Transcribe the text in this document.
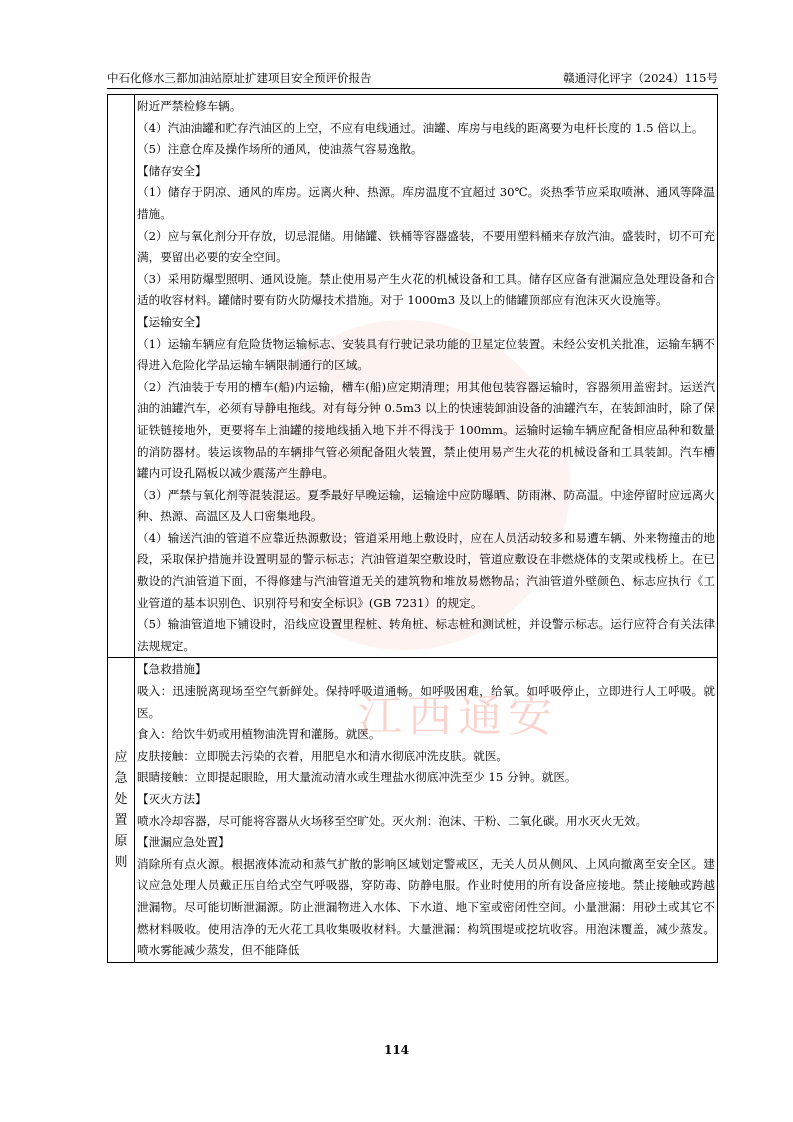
江西通安
中石化修水三都加油站原址扩建项目安全预评价报告	赣通浔化评字（2024）115号

附近严禁检修车辆。

（4）汽油油罐和贮存汽油区的上空，不应有电线通过。油罐、库房与电线的距离要为电杆长度的 1.5 倍以上。

（5）注意仓库及操作场所的通风，使油蒸气容易逸散。

【储存安全】

（1）储存于阴凉、通风的库房。远离火种、热源。库房温度不宜超过 30℃。炎热季节应采取喷淋、通风等降温措施。

（2）应与氧化剂分开存放，切忌混储。用储罐、铁桶等容器盛装，不要用塑料桶来存放汽油。盛装时，切不可充满，要留出必要的安全空间。

（3）采用防爆型照明、通风设施。禁止使用易产生火花的机械设备和工具。储存区应备有泄漏应急处理设备和合适的收容材料。罐储时要有防火防爆技术措施。对于 1000m3 及以上的储罐顶部应有泡沫灭火设施等。

【运输安全】

（1）运输车辆应有危险货物运输标志、安装具有行驶记录功能的卫星定位装置。未经公安机关批准，运输车辆不得进入危险化学品运输车辆限制通行的区域。

（2）汽油装于专用的槽车(船)内运输，槽车(船)应定期清理；用其他包装容器运输时，容器须用盖密封。运送汽油的油罐汽车，必须有导静电拖线。对有每分钟 0.5m3 以上的快速装卸油设备的油罐汽车，在装卸油时，除了保证铁链接地外，更要将车上油罐的接地线插入地下并不得浅于 100mm。运输时运输车辆应配备相应品种和数量的消防器材。装运该物品的车辆排气管必须配备阻火装置，禁止使用易产生火花的机械设备和工具装卸。汽车槽罐内可设孔隔板以减少震荡产生静电。

（3）严禁与氧化剂等混装混运。夏季最好早晚运输，运输途中应防曝晒、防雨淋、防高温。中途停留时应远离火种、热源、高温区及人口密集地段。

（4）输送汽油的管道不应靠近热源敷设；管道采用地上敷设时，应在人员活动较多和易遭车辆、外来物撞击的地段，采取保护措施并设置明显的警示标志；汽油管道架空敷设时，管道应敷设在非燃烧体的支架或栈桥上。在已敷设的汽油管道下面，不得修建与汽油管道无关的建筑物和堆放易燃物品；汽油管道外壁颜色、标志应执行《工业管道的基本识别色、识别符号和安全标识》(GB 7231）的规定。

（5）输油管道地下铺设时，沿线应设置里程桩、转角桩、标志桩和测试桩，并设警示标志。运行应符合有关法律法规规定。

应
急
处
置
原
则

【急救措施】

吸入：迅速脱离现场至空气新鲜处。保持呼吸道通畅。如呼吸困难，给氧。如呼吸停止，立即进行人工呼吸。就医。

食入：给饮牛奶或用植物油洗胃和灌肠。就医。

皮肤接触：立即脱去污染的衣着，用肥皂水和清水彻底冲洗皮肤。就医。

眼睛接触：立即提起眼睑，用大量流动清水或生理盐水彻底冲洗至少 15 分钟。就医。

【灭火方法】

喷水冷却容器，尽可能将容器从火场移至空旷处。灭火剂：泡沫、干粉、二氧化碳。用水灭火无效。

【泄漏应急处置】

消除所有点火源。根据液体流动和蒸气扩散的影响区域划定警戒区，无关人员从侧风、上风向撤离至安全区。建议应急处理人员戴正压自给式空气呼吸器，穿防毒、防静电服。作业时使用的所有设备应接地。禁止接触或跨越泄漏物。尽可能切断泄漏源。防止泄漏物进入水体、下水道、地下室或密闭性空间。小量泄漏：用砂土或其它不燃材料吸收。使用洁净的无火花工具收集吸收材料。大量泄漏：构筑围堤或挖坑收容。用泡沫覆盖，减少蒸发。喷水雾能减少蒸发，但不能降低

114
